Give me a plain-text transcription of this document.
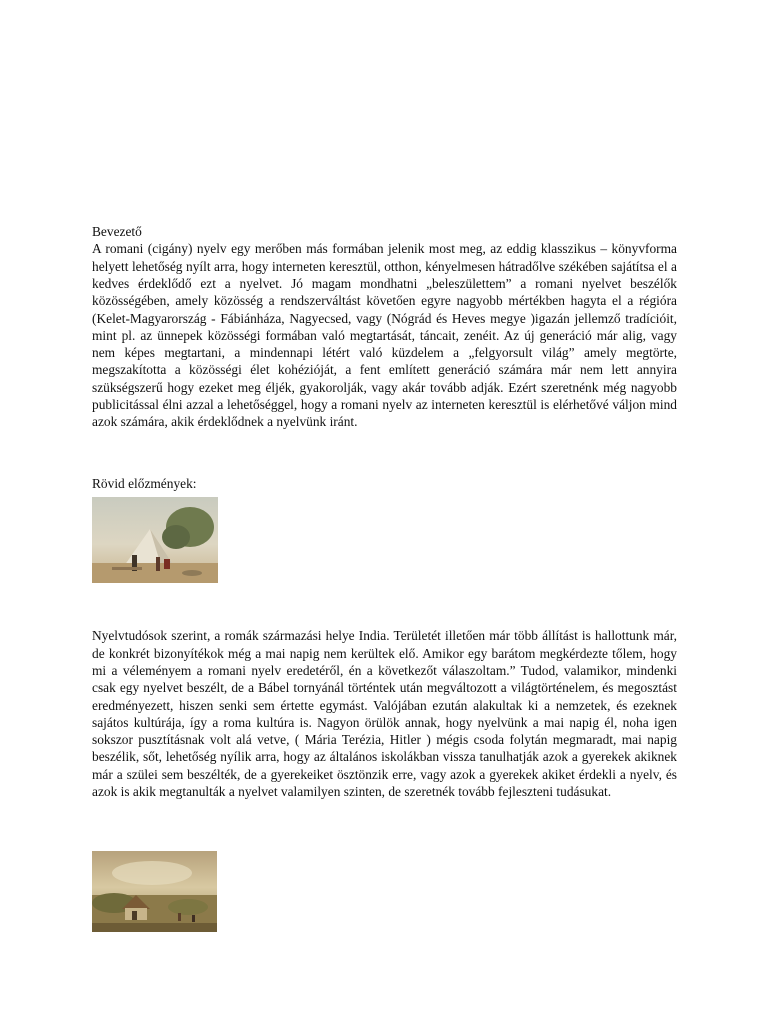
Bevezető

A romani (cigány) nyelv egy merőben más formában jelenik most meg, az eddig klasszikus – könyvforma helyett lehetőség nyílt arra, hogy interneten keresztül, otthon, kényelmesen hátradőlve székében sajátítsa el a kedves érdeklődő ezt a nyelvet. Jó magam mondhatni „beleszülettem” a romani nyelvet beszélők közösségében, amely közösség a rendszerváltást követően egyre nagyobb mértékben hagyta el a régióra (Kelet-Magyarország - Fábiánháza, Nagyecsed, vagy (Nógrád és Heves megye )igazán jellemző tradícióit, mint pl. az ünnepek közösségi formában való megtartását, táncait, zenéit. Az új generáció már alig, vagy nem képes megtartani, a mindennapi létért való küzdelem a „felgyorsult világ” amely megtörte, megszakította a közösségi élet kohézióját, a fent említett generáció számára már nem lett annyira szükségszerű hogy ezeket meg éljék, gyakorolják, vagy akár tovább adják. Ezért szeretnénk még nagyobb publicitással élni azzal a lehetőséggel, hogy a romani nyelv az interneten keresztül is elérhetővé váljon mind azok számára, akik érdeklődnek a nyelvünk iránt.

Rövid előzmények:

Nyelvtudósok szerint, a romák származási helye India. Területét illetően már több állítást is hallottunk már, de konkrét bizonyítékok még a mai napig nem kerültek elő. Amikor egy barátom megkérdezte tőlem, hogy mi a véleményem a romani nyelv eredetéről, én a következőt válaszoltam.” Tudod, valamikor, mindenki csak egy nyelvet beszélt, de a Bábel tornyánál történtek után megváltozott a világtörténelem, és megosztást eredményezett, hiszen senki sem értette egymást. Valójában ezután alakultak ki a nemzetek, és ezeknek sajátos kultúrája, így a roma kultúra is. Nagyon örülök annak, hogy nyelvünk a mai napig él, noha igen sokszor pusztításnak volt alá vetve, ( Mária Terézia, Hitler ) mégis csoda folytán megmaradt, mai napig beszélik, sőt, lehetőség nyílik arra, hogy az általános iskolákban vissza tanulhatják azok a gyerekek akiknek már a szülei sem beszélték, de a gyerekeiket ösztönzik erre, vagy azok a gyerekek akiket érdekli a nyelv, és azok is akik megtanulták a nyelvet valamilyen szinten, de szeretnék tovább fejleszteni tudásukat.
